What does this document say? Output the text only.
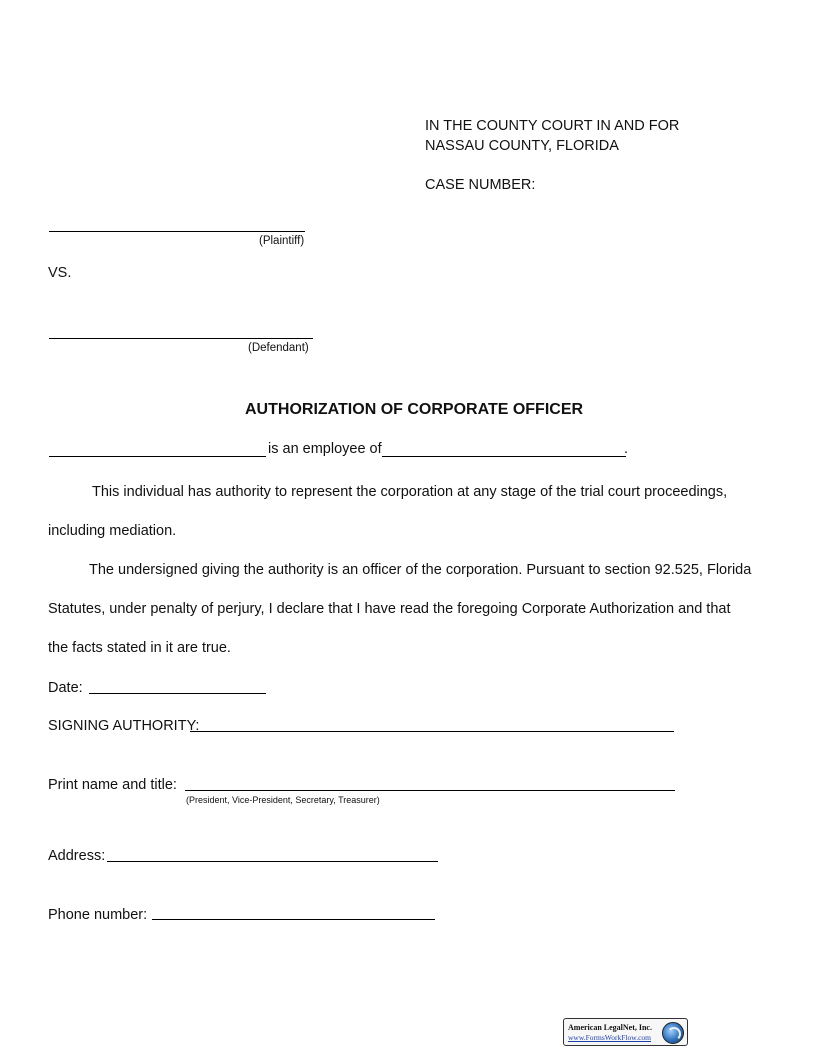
IN THE COUNTY COURT IN AND FOR
NASSAU COUNTY, FLORIDA
CASE NUMBER:
(Plaintiff)
VS.
(Defendant)
AUTHORIZATION OF CORPORATE OFFICER
is an employee of	.
This individual has authority to represent the corporation at any stage of the trial court proceedings,
including mediation.
The undersigned giving the authority is an officer of the corporation. Pursuant to section 92.525, Florida
Statutes, under penalty of perjury, I declare that I have read the foregoing Corporate Authorization and that
the facts stated in it are true.
Date:
SIGNING AUTHORITY:
Print name and title:
(President, Vice-President, Secretary, Treasurer)
Address:
Phone number:
American LegalNet, Inc.
www.FormsWorkFlow.com
